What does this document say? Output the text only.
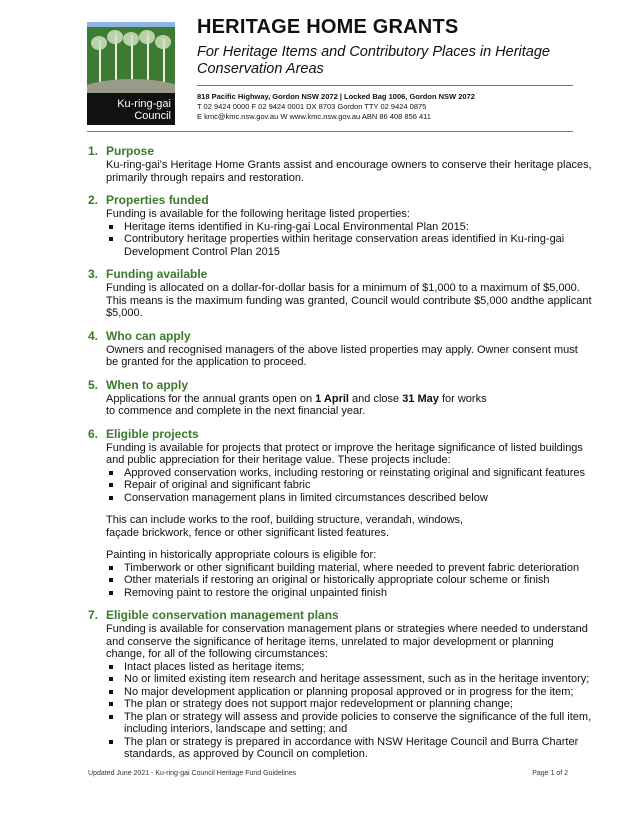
Ku-ring-gai
Council
HERITAGE HOME GRANTS
For Heritage Items and Contributory Places in Heritage Conservation Areas
818 Pacific Highway, Gordon NSW 2072 | Locked Bag 1006, Gordon NSW 2072
T 02 9424 0000 F 02 9424 0001 DX 8703 Gordon TTY 02 9424 0875
E kmc@kmc.nsw.gov.au W www.kmc.nsw.gov.au ABN 86 408 856 411
1. Purpose

Ku-ring-gai's Heritage Home Grants assist and encourage owners to conserve their heritage places, primarily through repairs and restoration.

2. Properties funded

Funding is available for the following heritage listed properties:

Heritage items identified in Ku-ring-gai Local Environmental Plan 2015:
Contributory heritage properties within heritage conservation areas identified in Ku-ring-gai Development Control Plan 2015
3. Funding available

Funding is allocated on a dollar-for-dollar basis for a minimum of $1,000 to a maximum of $5,000. This means is the maximum funding was granted, Council would contribute $5,000 andthe applicant $5,000.

4. Who can apply

Owners and recognised managers of the above listed properties may apply. Owner consent must be granted for the application to proceed.

5. When to apply

Applications for the annual grants open on 1 April and close 31 May for works to commence and complete in the next financial year.

6. Eligible projects

Funding is available for projects that protect or improve the heritage significance of listed buildings and public appreciation for their heritage value. These projects include:

Approved conservation works, including restoring or reinstating original and significant features
Repair of original and significant fabric
Conservation management plans in limited circumstances described below

This can include works to the roof, building structure, verandah, windows, façade brickwork, fence or other significant listed features.

Painting in historically appropriate colours is eligible for:

Timberwork or other significant building material, where needed to prevent fabric deterioration
Other materials if restoring an original or historically appropriate colour scheme or finish
Removing paint to restore the original unpainted finish
7. Eligible conservation management plans

Funding is available for conservation management plans or strategies where needed to understand and conserve the significance of heritage items, unrelated to major development or planning change, for all of the following circumstances:

Intact places listed as heritage items;
No or limited existing item research and heritage assessment, such as in the heritage inventory;
No major development application or planning proposal approved or in progress for the item;
The plan or strategy does not support major redevelopment or planning change;
The plan or strategy will assess and provide policies to conserve the significance of the full item, including interiors, landscape and setting; and
The plan or strategy is prepared in accordance with NSW Heritage Council and Burra Charter standards, as approved by Council on completion.
Updated June 2021 - Ku-ring-gai Council Heritage Fund Guidelines	Page 1 of 2
